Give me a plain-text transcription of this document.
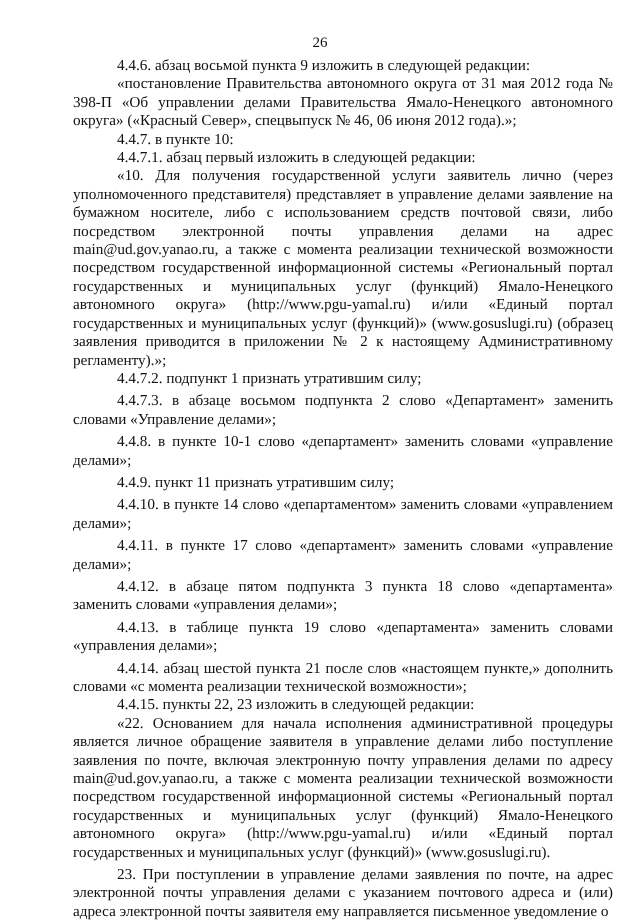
26

4.4.6. абзац восьмой пункта 9 изложить в следующей редакции:

«постановление Правительства автономного округа от 31 мая 2012 года № 398-П «Об управлении делами Правительства Ямало-Ненецкого автономного округа» («Красный Север», спецвыпуск № 46, 06 июня 2012 года).»;

4.4.7. в пункте 10:

4.4.7.1. абзац первый изложить в следующей редакции:

«10. Для получения государственной услуги заявитель лично (через уполномоченного представителя) представляет в управление делами заявление на бумажном носителе, либо с использованием средств почтовой связи, либо посредством электронной почты управления делами на адрес main@ud.gov.yanao.ru, а также с момента реализации технической возможности посредством государственной информационной системы «Региональный портал государственных и муниципальных услуг (функций) Ямало-Ненецкого автономного округа» (http://www.pgu-yamal.ru) и/или «Единый портал государственных и муниципальных услуг (функций)» (www.gosuslugi.ru) (образец заявления приводится в приложении № 2 к настоящему Административному регламенту).»;

4.4.7.2. подпункт 1 признать утратившим силу;

4.4.7.3. в абзаце восьмом подпункта 2 слово «Департамент» заменить словами «Управление делами»;

4.4.8. в пункте 10-1 слово «департамент» заменить словами «управление делами»;

4.4.9. пункт 11 признать утратившим силу;

4.4.10. в пункте 14 слово «департаментом» заменить словами «управлением делами»;

4.4.11. в пункте 17 слово «департамент» заменить словами «управление делами»;

4.4.12. в абзаце пятом подпункта 3 пункта 18 слово «департамента» заменить словами «управления делами»;

4.4.13. в таблице пункта 19 слово «департамента» заменить словами «управления делами»;

4.4.14. абзац шестой пункта 21 после слов «настоящем пункте,» дополнить словами «с момента реализации технической возможности»;

4.4.15. пункты 22, 23 изложить в следующей редакции:

«22. Основанием для начала исполнения административной процедуры является личное обращение заявителя в управление делами либо поступление заявления по почте, включая электронную почту управления делами по адресу main@ud.gov.yanao.ru, а также с момента реализации технической возможности посредством государственной информационной системы «Региональный портал государственных и муниципальных услуг (функций) Ямало-Ненецкого автономного округа» (http://www.pgu-yamal.ru) и/или «Единый портал государственных и муниципальных услуг (функций)» (www.gosuslugi.ru).

23. При поступлении в управление делами заявления по почте, на адрес электронной почты управления делами с указанием почтового адреса и (или) адреса электронной почты заявителя ему направляется письменное уведомление о
